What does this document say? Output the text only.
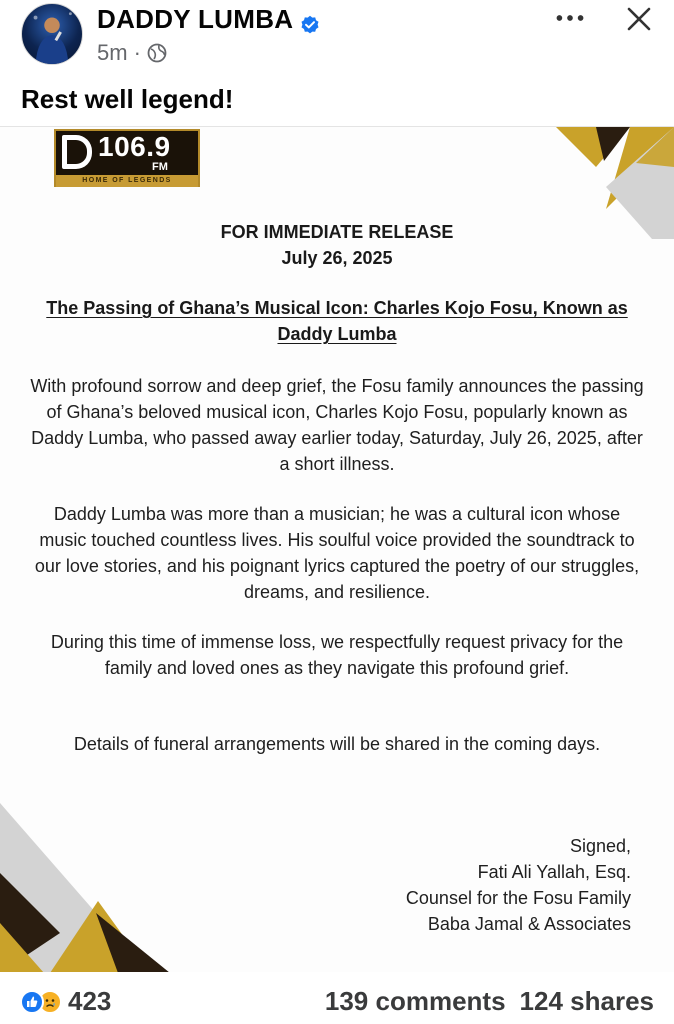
DADDY LUMBA
5m ·
Rest well legend!
106.9
FM
HOME OF LEGENDS
FOR IMMEDIATE RELEASE
July 26, 2025
The Passing of Ghana’s Musical Icon: Charles Kojo Fosu, Known as Daddy Lumba
With profound sorrow and deep grief, the Fosu family announces the passing of Ghana’s beloved musical icon, Charles Kojo Fosu, popularly known as Daddy Lumba, who passed away earlier today, Saturday, July 26, 2025, after a short illness.
Daddy Lumba was more than a musician; he was a cultural icon whose music touched countless lives. His soulful voice provided the soundtrack to our love stories, and his poignant lyrics captured the poetry of our struggles, dreams, and resilience.
During this time of immense loss, we respectfully request privacy for the family and loved ones as they navigate this profound grief.
Details of funeral arrangements will be shared in the coming days.
Signed,
Fati Ali Yallah, Esq.
Counsel for the Fosu Family
Baba Jamal & Associates
423	139 comments 124 shares
